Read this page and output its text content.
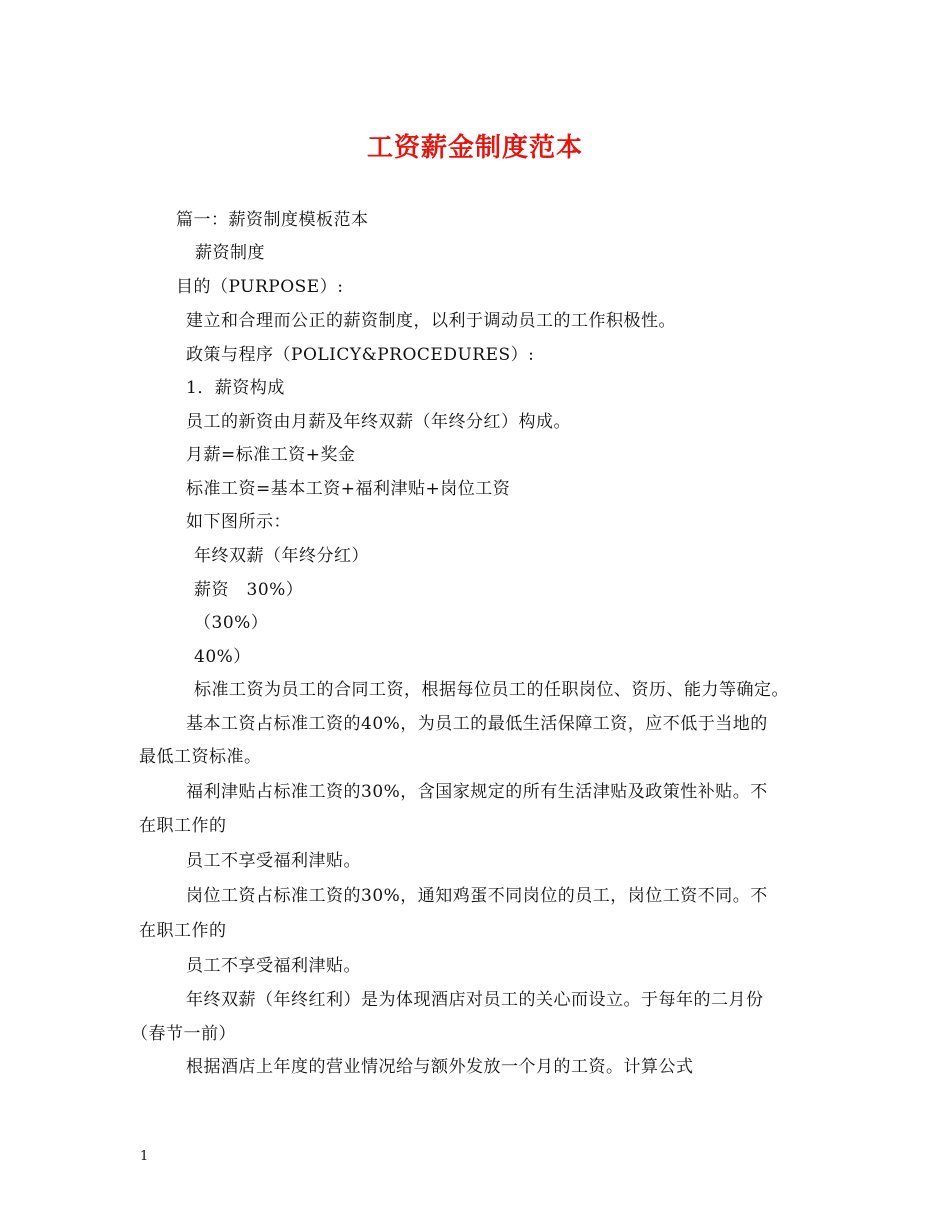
工资薪金制度范本
篇一：薪资制度模板范本
薪资制度
目的（PURPOSE）:
建立和合理而公正的薪资制度，以利于调动员工的工作积极性。
政策与程序（POLICY&PROCEDURES）:
1．薪资构成
员工的新资由月薪及年终双薪（年终分红）构成。
月薪=标准工资+奖金
标准工资=基本工资+福利津贴+岗位工资
如下图所示：
年终双薪（年终分红）
薪资　30%）
（30%）
40%）
标准工资为员工的合同工资，根据每位员工的任职岗位、资历、能力等确定。
基本工资占标准工资的40%，为员工的最低生活保障工资，应不低于当地的
最低工资标准。
福利津贴占标准工资的30%，含国家规定的所有生活津贴及政策性补贴。不
在职工作的
员工不享受福利津贴。
岗位工资占标准工资的30%，通知鸡蛋不同岗位的员工，岗位工资不同。不
在职工作的
员工不享受福利津贴。
年终双薪（年终红利）是为体现酒店对员工的关心而设立。于每年的二月份
（春节一前）
根据酒店上年度的营业情况给与额外发放一个月的工资。计算公式
1
